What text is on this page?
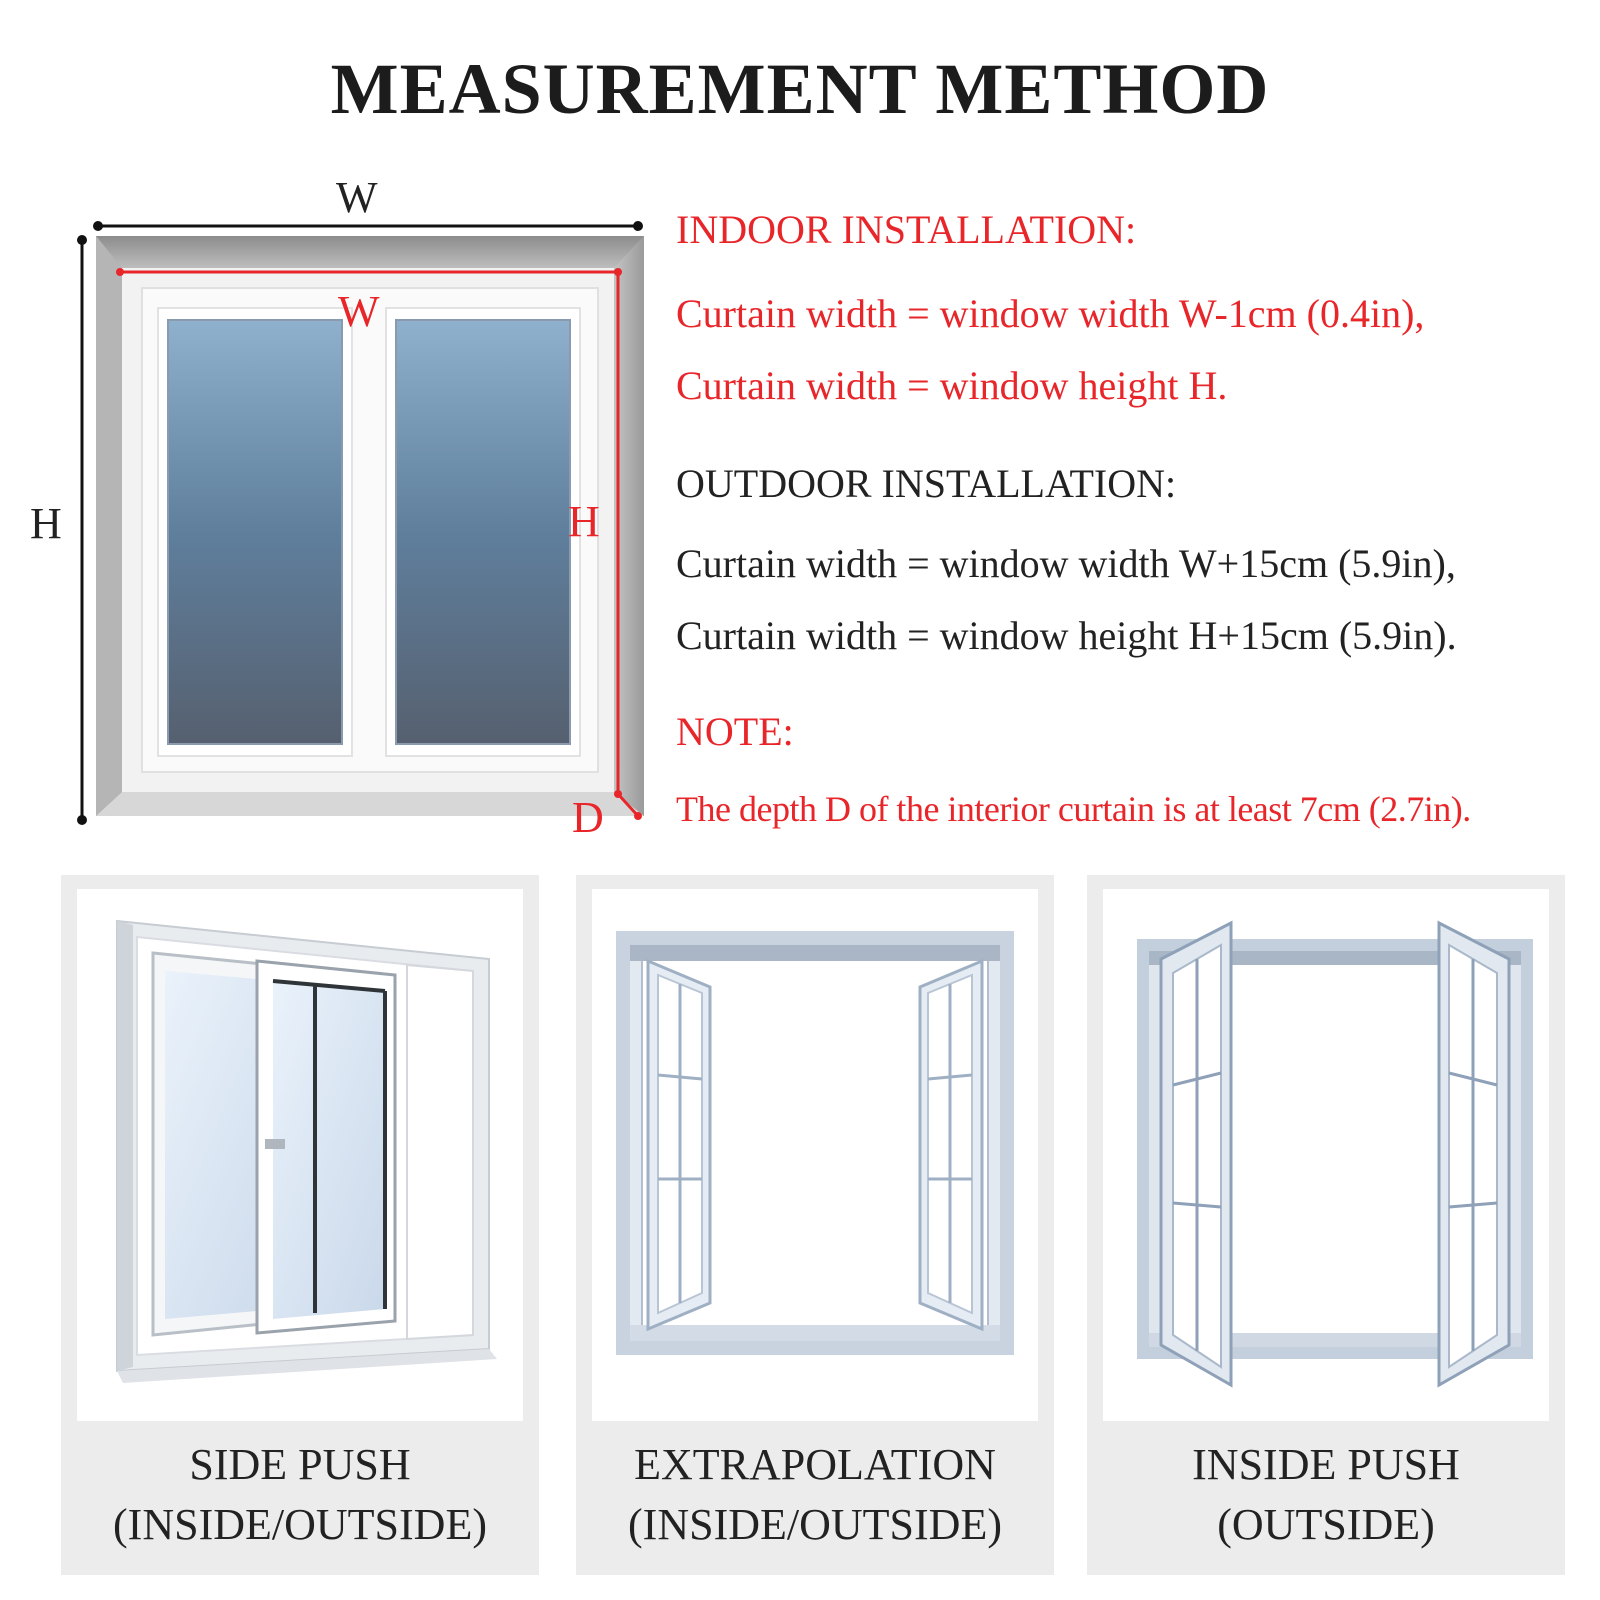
MEASUREMENT METHOD
W
H
W
H
D
INDOOR INSTALLATION:
Curtain width = window width W-1cm (0.4in),
Curtain width = window height H.
OUTDOOR INSTALLATION:
Curtain width = window width W+15cm (5.9in),
Curtain width = window height H+15cm (5.9in).
NOTE:
The depth D of the interior curtain is at least 7cm (2.7in).
SIDE PUSH
(INSIDE/OUTSIDE)
EXTRAPOLATION
(INSIDE/OUTSIDE)
INSIDE PUSH
(OUTSIDE)
